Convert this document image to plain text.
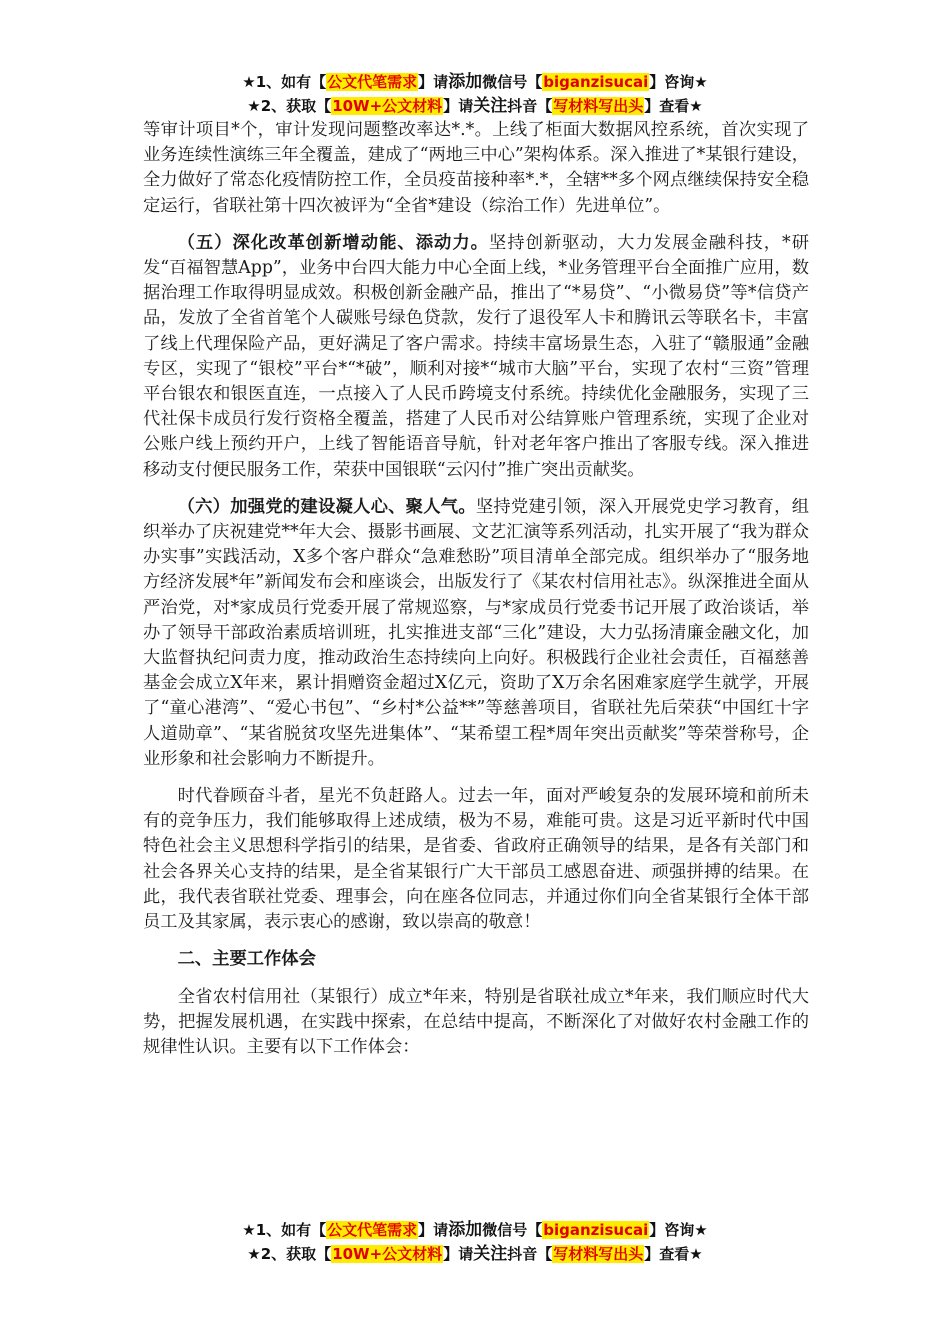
★1、如有【公文代笔需求】请添加微信号【biganzisucai】咨询★
★2、获取【10W+公文材料】请关注抖音【写材料写出头】查看★

等审计项目*个，审计发现问题整改率达*.*。上线了柜面大数据风控系统，首次实现了业务连续性演练三年全覆盖，建成了“两地三中心”架构体系。深入推进了*某银行建设，全力做好了常态化疫情防控工作，全员疫苗接种率*.*，全辖**多个网点继续保持安全稳定运行，省联社第十四次被评为“全省*建设（综治工作）先进单位”。

（五）深化改革创新增动能、添动力。坚持创新驱动，大力发展金融科技，*研发“百福智慧App”，业务中台四大能力中心全面上线，*业务管理平台全面推广应用，数据治理工作取得明显成效。积极创新金融产品，推出了“*易贷”、“小微易贷”等*信贷产品，发放了全省首笔个人碳账号绿色贷款，发行了退役军人卡和腾讯云等联名卡，丰富了线上代理保险产品，更好满足了客户需求。持续丰富场景生态，入驻了“赣服通”金融专区，实现了“银校”平台*“*破”，顺利对接*“城市大脑”平台，实现了农村“三资”管理平台银农和银医直连，一点接入了人民币跨境支付系统。持续优化金融服务，实现了三代社保卡成员行发行资格全覆盖，搭建了人民币对公结算账户管理系统，实现了企业对公账户线上预约开户，上线了智能语音导航，针对老年客户推出了客服专线。深入推进移动支付便民服务工作，荣获中国银联“云闪付”推广突出贡献奖。

（六）加强党的建设凝人心、聚人气。坚持党建引领，深入开展党史学习教育，组织举办了庆祝建党**年大会、摄影书画展、文艺汇演等系列活动，扎实开展了“我为群众办实事”实践活动，X多个客户群众“急难愁盼”项目清单全部完成。组织举办了“服务地方经济发展*年”新闻发布会和座谈会，出版发行了《某农村信用社志》。纵深推进全面从严治党，对*家成员行党委开展了常规巡察，与*家成员行党委书记开展了政治谈话，举办了领导干部政治素质培训班，扎实推进支部“三化”建设，大力弘扬清廉金融文化，加大监督执纪问责力度，推动政治生态持续向上向好。积极践行企业社会责任，百福慈善基金会成立X年来，累计捐赠资金超过X亿元，资助了X万余名困难家庭学生就学，开展了“童心港湾”、“爱心书包”、“乡村*公益**”等慈善项目，省联社先后荣获“中国红十字人道勋章”、“某省脱贫攻坚先进集体”、“某希望工程*周年突出贡献奖”等荣誉称号，企业形象和社会影响力不断提升。

时代眷顾奋斗者，星光不负赶路人。过去一年，面对严峻复杂的发展环境和前所未有的竞争压力，我们能够取得上述成绩，极为不易，难能可贵。这是习近平新时代中国特色社会主义思想科学指引的结果，是省委、省政府正确领导的结果，是各有关部门和社会各界关心支持的结果，是全省某银行广大干部员工感恩奋进、顽强拼搏的结果。在此，我代表省联社党委、理事会，向在座各位同志，并通过你们向全省某银行全体干部员工及其家属，表示衷心的感谢，致以崇高的敬意！

二、主要工作体会

全省农村信用社（某银行）成立*年来，特别是省联社成立*年来，我们顺应时代大势，把握发展机遇，在实践中探索，在总结中提高，不断深化了对做好农村金融工作的规律性认识。主要有以下工作体会：

★1、如有【公文代笔需求】请添加微信号【biganzisucai】咨询★
★2、获取【10W+公文材料】请关注抖音【写材料写出头】查看★
